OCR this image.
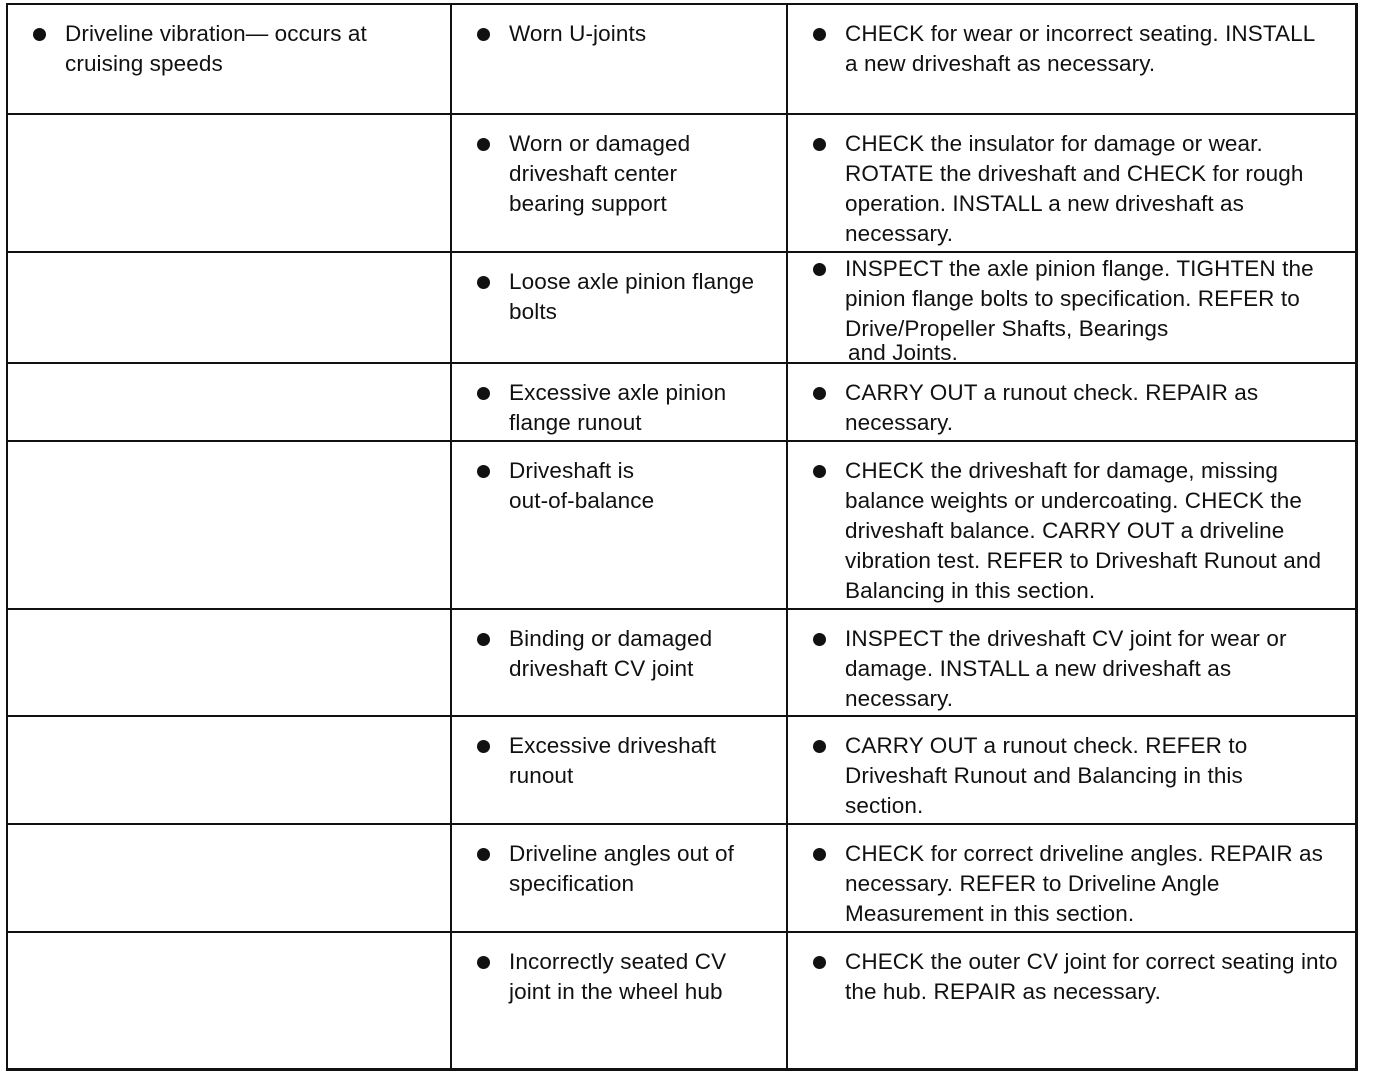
Driveline vibration— occurs at cruising speeds	Worn U-joints	CHECK for wear or incorrect seating. INSTALL a new driveshaft as necessary.

	Worn or damaged driveshaft center bearing support	CHECK the insulator for damage or wear. ROTATE the driveshaft and CHECK for rough operation. INSTALL a new driveshaft as necessary.

	Loose axle pinion flange bolts	INSPECT the axle pinion flange. TIGHTEN the pinion flange bolts to specification. REFER to Drive/Propeller Shafts, Bearings
and Joints.

	Excessive axle pinion flange runout	CARRY OUT a runout check. REPAIR as necessary.

	Driveshaft is out-of-balance	CHECK the driveshaft for damage, missing balance weights or undercoating. CHECK the driveshaft balance. CARRY OUT a driveline vibration test. REFER to Driveshaft Runout and Balancing in this section.

	Binding or damaged driveshaft CV joint	INSPECT the driveshaft CV joint for wear or damage. INSTALL a new driveshaft as necessary.

	Excessive driveshaft runout	CARRY OUT a runout check. REFER to Driveshaft Runout and Balancing in this section.

	Driveline angles out of specification	CHECK for correct driveline angles. REPAIR as necessary. REFER to Driveline Angle Measurement in this section.

	Incorrectly seated CV joint in the wheel hub	CHECK the outer CV joint for correct seating into the hub. REPAIR as necessary.
